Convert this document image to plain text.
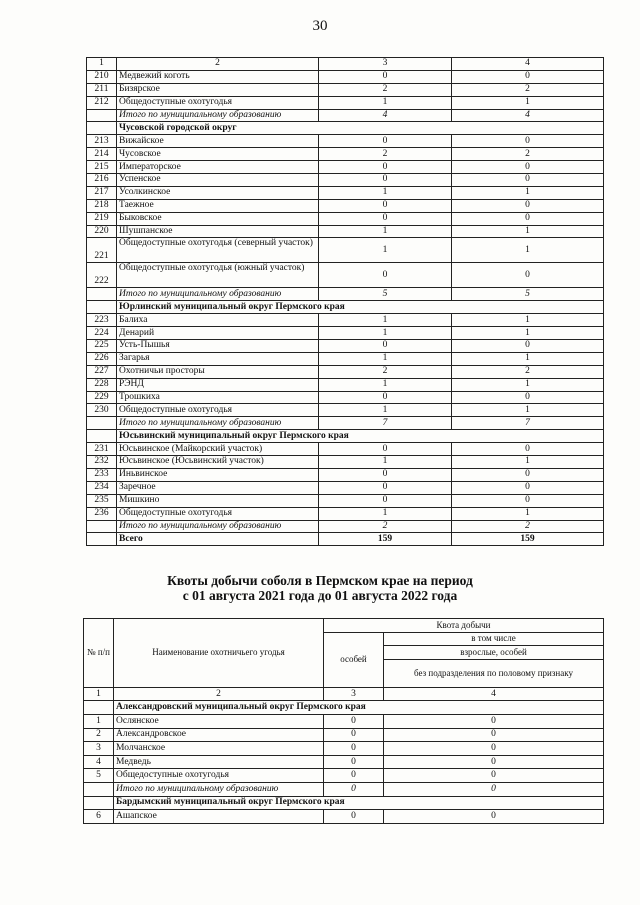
30
1	2	3	4
210	Медвежий коготь	0	0
211	Бизярское	2	2
212	Общедоступные охотугодья	1	1
	Итого по муниципальному образованию	4	4
	Чусовской городской округ		
213	Вижайское	0	0
214	Чусовское	2	2
215	Императорское	0	0
216	Успенское	0	0
217	Усолкинское	1	1
218	Таежное	0	0
219	Быковское	0	0
220	Шушпанское	1	1
221	Общедоступные охотугодья (северный участок)	1	1
222	Общедоступные охотугодья (южный участок)	0	0
	Итого по муниципальному образованию	5	5
	Юрлинский муниципальный округ Пермского края		
223	Балиха	1	1
224	Денарий	1	1
225	Усть-Пышья	0	0
226	Загарья	1	1
227	Охотничьи просторы	2	2
228	РЭНД	1	1
229	Трошкиха	0	0
230	Общедоступные охотугодья	1	1
	Итого по муниципальному образованию	7	7
	Юсьвинский муниципальный округ Пермского края		
231	Юсьвинское (Майкорский участок)	0	0
232	Юсьвинское (Юсьвинский участок)	1	1
233	Иньвинское	0	0
234	Заречное	0	0
235	Мишкино	0	0
236	Общедоступные охотугодья	1	1
	Итого по муниципальному образованию	2	2
	Всего	159	159
Квоты добычи соболя в Пермском крае на период
с 01 августа 2021 года до 01 августа 2022 года
№ п/п	Наименование охотничьего угодья	Квота добычи	
		особей	в том числе
			взрослые, особей
			без подразделения по половому признаку
1	2	3	4
	Александровский муниципальный округ Пермского края		
1	Ослянское	0	0
2	Александровское	0	0
3	Молчанское	0	0
4	Медведь	0	0
5	Общедоступные охотугодья	0	0
	Итого по муниципальному образованию	0	0
	Бардымский муниципальный округ Пермского края		
6	Ашапское	0	0
